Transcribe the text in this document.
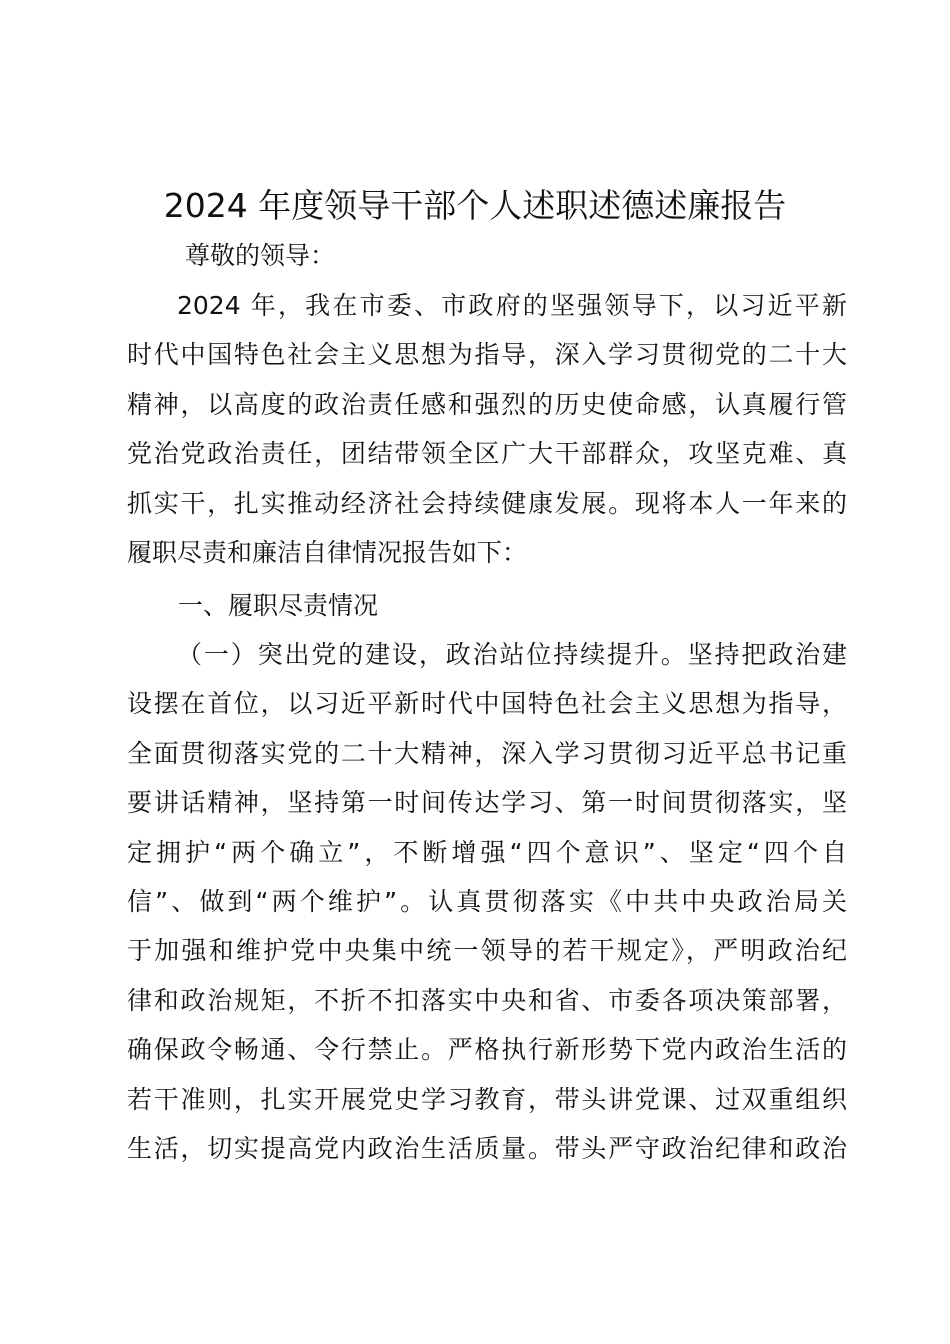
2024 年度领导干部个人述职述德述廉报告
尊敬的领导：
2024 年，我在市委、市政府的坚强领导下，以习近平新
时代中国特色社会主义思想为指导，深入学习贯彻党的二十大
精神，以高度的政治责任感和强烈的历史使命感，认真履行管
党治党政治责任，团结带领全区广大干部群众，攻坚克难、真
抓实干，扎实推动经济社会持续健康发展。现将本人一年来的
履职尽责和廉洁自律情况报告如下：
一、履职尽责情况
（一）突出党的建设，政治站位持续提升。坚持把政治建
设摆在首位，以习近平新时代中国特色社会主义思想为指导，
全面贯彻落实党的二十大精神，深入学习贯彻习近平总书记重
要讲话精神，坚持第一时间传达学习、第一时间贯彻落实，坚
定拥护“两个确立”，不断增强“四个意识”、坚定“四个自
信”、做到“两个维护”。认真贯彻落实《中共中央政治局关
于加强和维护党中央集中统一领导的若干规定》，严明政治纪
律和政治规矩，不折不扣落实中央和省、市委各项决策部署，
确保政令畅通、令行禁止。严格执行新形势下党内政治生活的
若干准则，扎实开展党史学习教育，带头讲党课、过双重组织
生活，切实提高党内政治生活质量。带头严守政治纪律和政治
